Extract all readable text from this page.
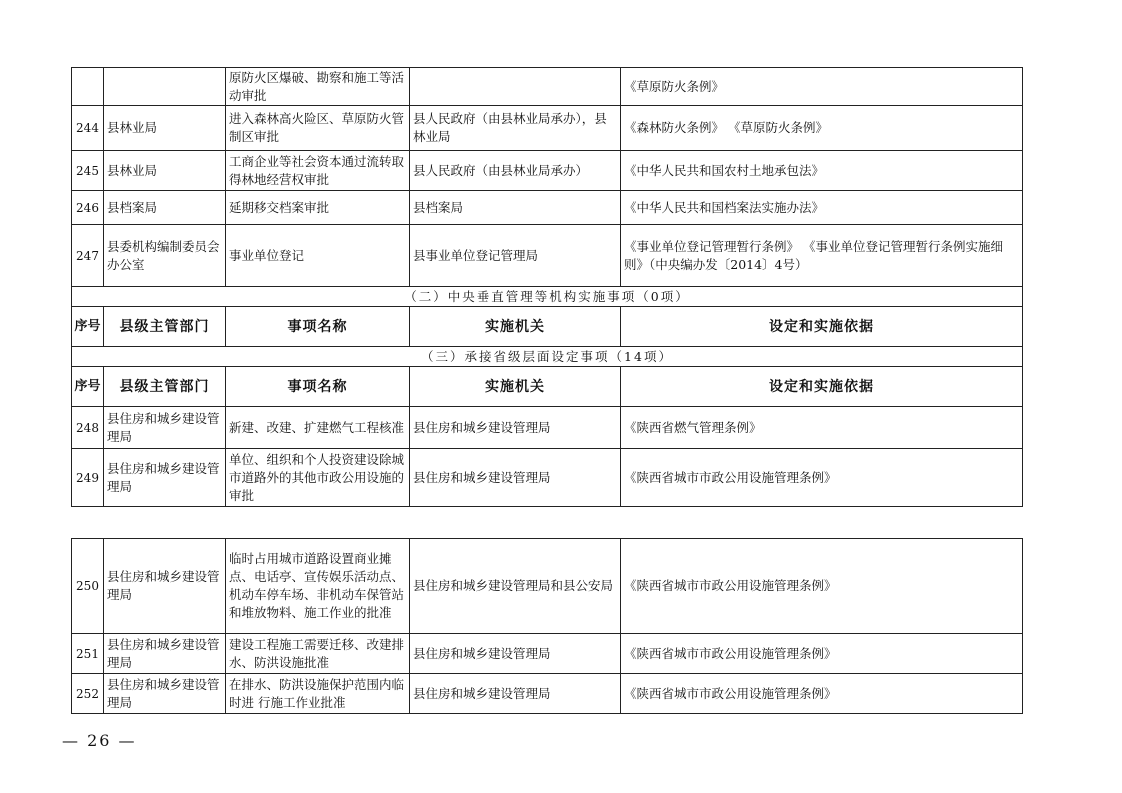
		原防火区爆破、勘察和施工等活动审批		《草原防火条例》
244	县林业局	进入森林高火险区、草原防火管制区审批	县人民政府（由县林业局承办），县林业局	《森林防火条例》 《草原防火条例》
245	县林业局	工商企业等社会资本通过流转取得林地经营权审批	县人民政府（由县林业局承办）	《中华人民共和国农村土地承包法》
246	县档案局	延期移交档案审批	县档案局	《中华人民共和国档案法实施办法》
247	县委机构编制委员会办公室	事业单位登记	县事业单位登记管理局	《事业单位登记管理暂行条例》 《事业单位登记管理暂行条例实施细则》（中央编办发〔2014〕4号）
（二）中央垂直管理等机构实施事项（0项）				
序号	县级主管部门	事项名称	实施机关	设定和实施依据
（三）承接省级层面设定事项（14项）				
序号	县级主管部门	事项名称	实施机关	设定和实施依据
248	县住房和城乡建设管理局	新建、改建、扩建燃气工程核准	县住房和城乡建设管理局	《陕西省燃气管理条例》
249	县住房和城乡建设管理局	单位、组织和个人投资建设除城市道路外的其他市政公用设施的审批	县住房和城乡建设管理局	《陕西省城市市政公用设施管理条例》
250	县住房和城乡建设管理局	临时占用城市道路设置商业摊点、电话亭、宣传娱乐活动点、机动车停车场、非机动车保管站和堆放物料、施工作业的批准	县住房和城乡建设管理局和县公安局	《陕西省城市市政公用设施管理条例》
251	县住房和城乡建设管理局	建设工程施工需要迁移、改建排水、防洪设施批准	县住房和城乡建设管理局	《陕西省城市市政公用设施管理条例》
252	县住房和城乡建设管理局	在排水、防洪设施保护范围内临时进 行施工作业批准	县住房和城乡建设管理局	《陕西省城市市政公用设施管理条例》
— 26 —
